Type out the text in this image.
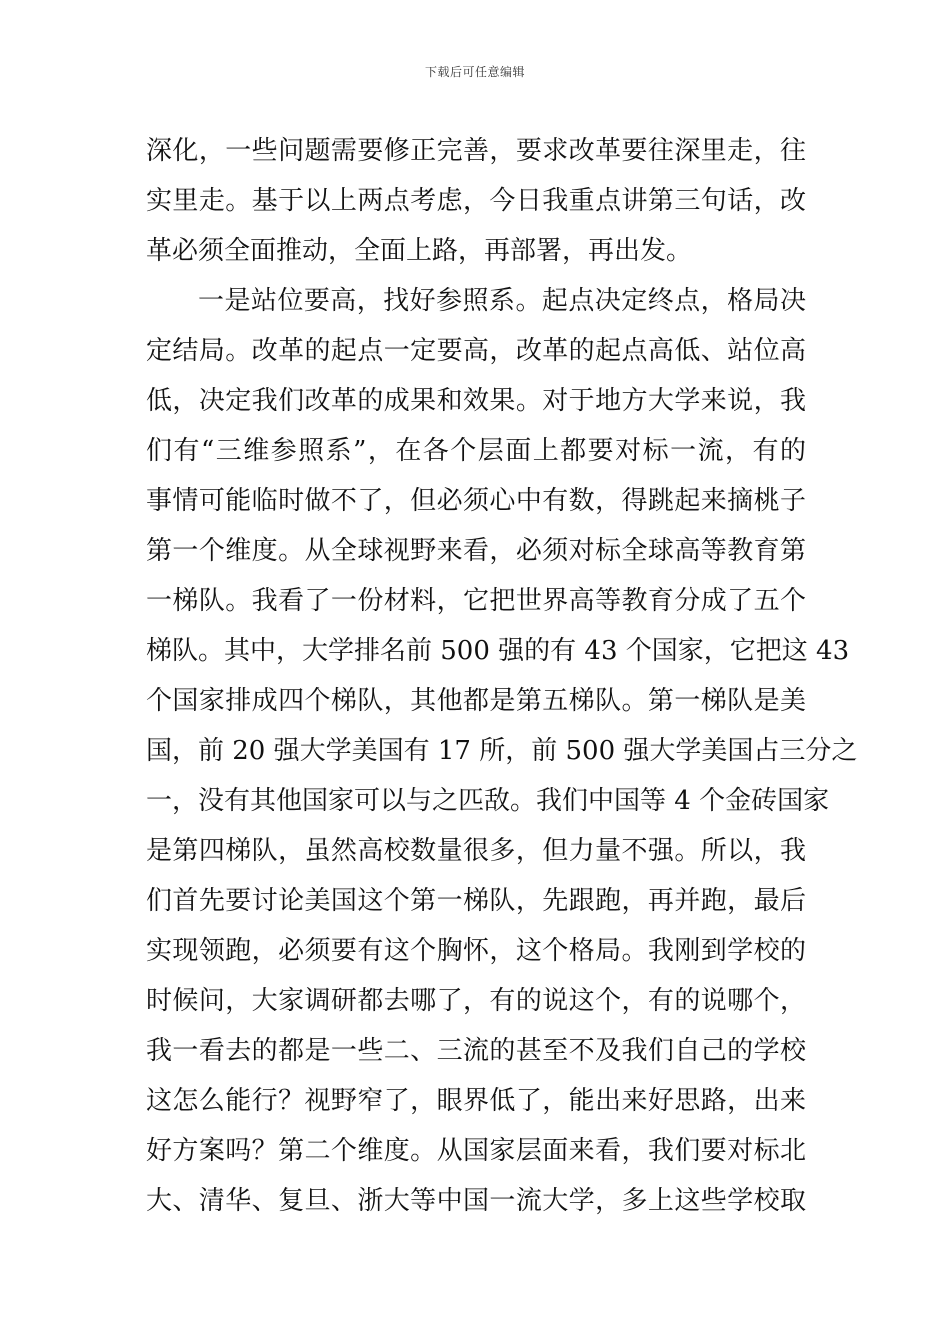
下载后可任意编辑
深化，一些问题需要修正完善，要求改革要往深里走，往
实里走。基于以上两点考虑，今日我重点讲第三句话，改
革必须全面推动，全面上路，再部署，再出发。
一是站位要高，找好参照系。起点决定终点，格局决
定结局。改革的起点一定要高，改革的起点高低、站位高
低，决定我们改革的成果和效果。对于地方大学来说，我
们有“三维参照系”，在各个层面上都要对标一流，有的
事情可能临时做不了，但必须心中有数，得跳起来摘桃子
第一个维度。从全球视野来看，必须对标全球高等教育第
一梯队。我看了一份材料，它把世界高等教育分成了五个
梯队。其中，大学排名前 500 强的有 43 个国家，它把这 43
个国家排成四个梯队，其他都是第五梯队。第一梯队是美
国，前 20 强大学美国有 17 所，前 500 强大学美国占三分之
一，没有其他国家可以与之匹敌。我们中国等 4 个金砖国家
是第四梯队，虽然高校数量很多，但力量不强。所以，我
们首先要讨论美国这个第一梯队，先跟跑，再并跑，最后
实现领跑，必须要有这个胸怀，这个格局。我刚到学校的
时候问，大家调研都去哪了，有的说这个，有的说哪个，
我一看去的都是一些二、三流的甚至不及我们自己的学校
这怎么能行？视野窄了，眼界低了，能出来好思路，出来
好方案吗？第二个维度。从国家层面来看，我们要对标北
大、清华、复旦、浙大等中国一流大学，多上这些学校取
